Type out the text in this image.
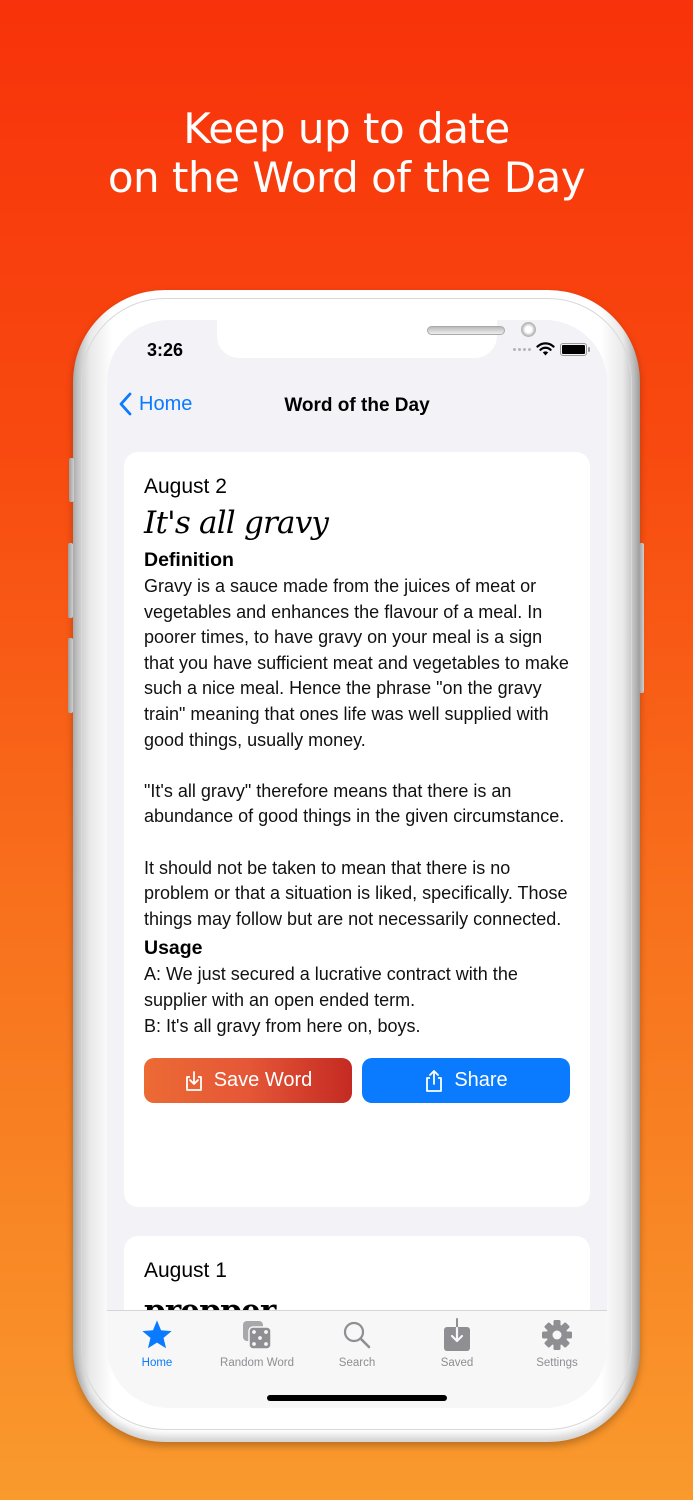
Keep up to date
on the Word of the Day
3:26
Home	Word of the Day
August 2
It's all gravy
Definition
Gravy is a sauce made from the juices of meat or vegetables and enhances the flavour of a meal. In poorer times, to have gravy on your meal is a sign that you have sufficient meat and vegetables to make such a nice meal. Hence the phrase "on the gravy train" meaning that ones life was well supplied with good things, usually money.
"It's all gravy" therefore means that there is an abundance of good things in the given circumstance.
It should not be taken to mean that there is no problem or that a situation is liked, specifically. Those things may follow but are not necessarily connected.
Usage
A: We just secured a lucrative contract with the supplier with an open ended term.
B: It's all gravy from here on, boys.
Save Word	Share
August 1
Home	Random Word	Search	Saved	Settings
